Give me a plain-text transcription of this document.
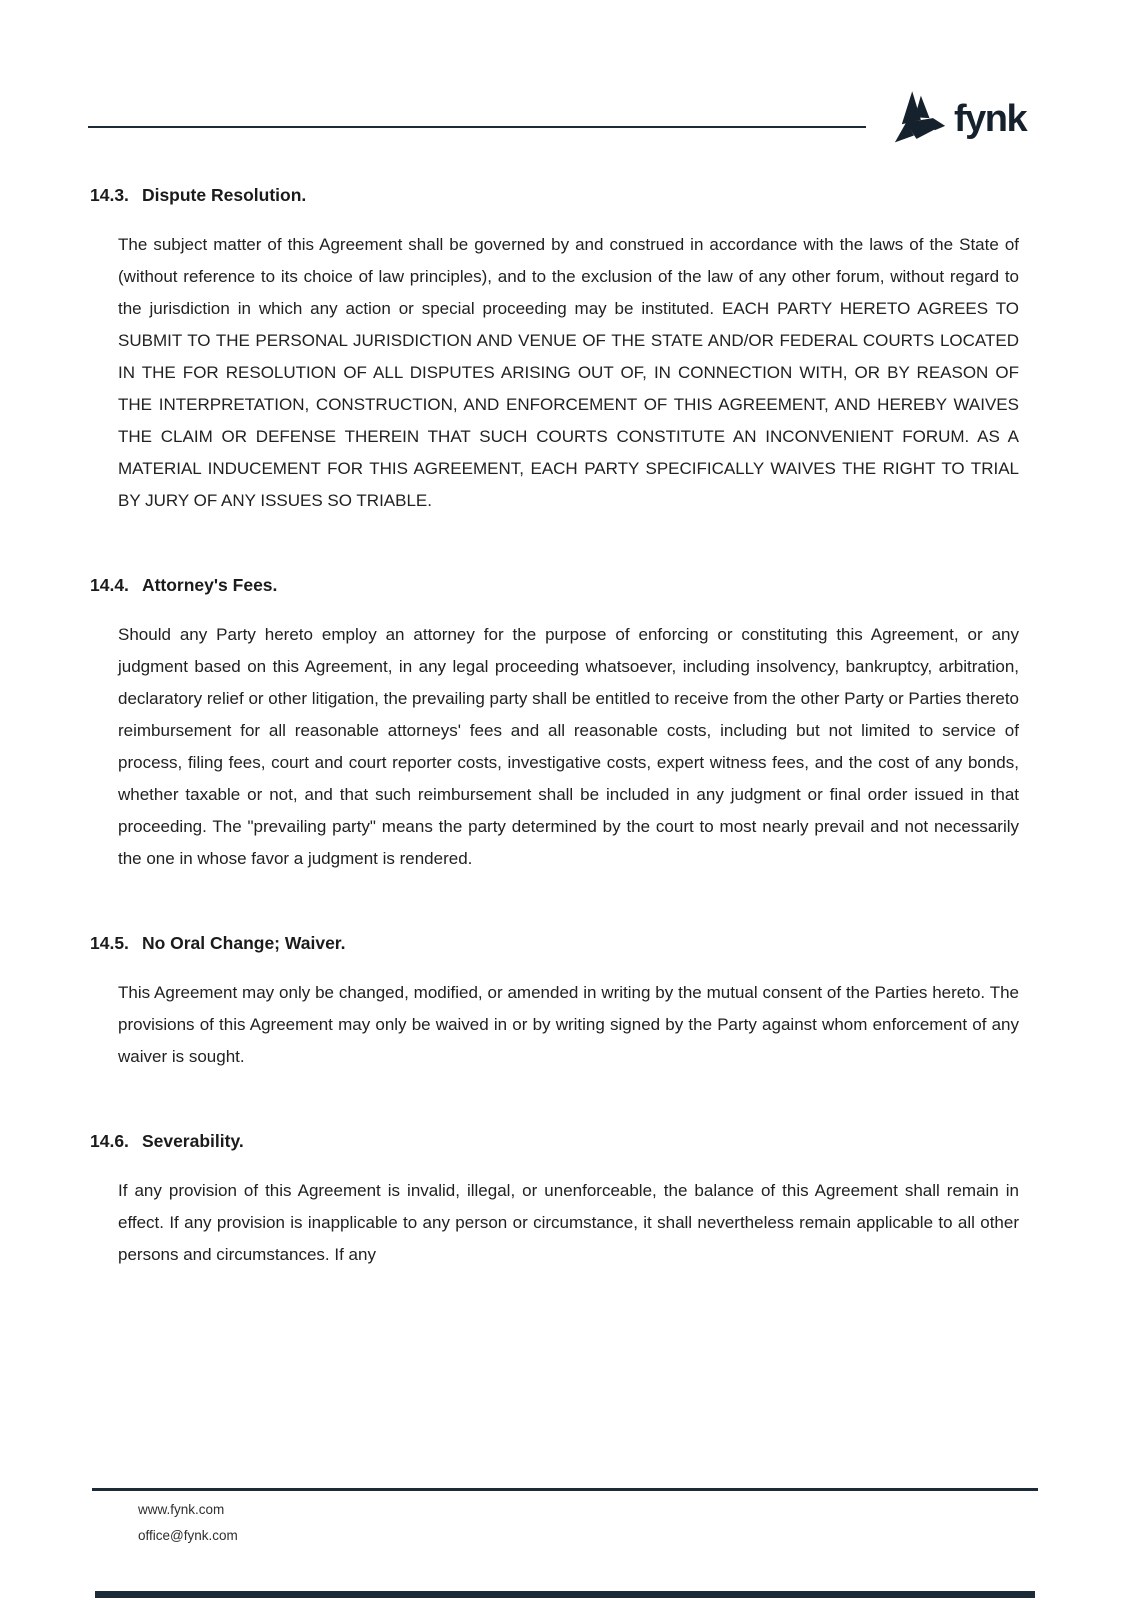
fynk
14.3. Dispute Resolution.

The subject matter of this Agreement shall be governed by and construed in accordance with the laws of the State of (without reference to its choice of law principles), and to the exclusion of the law of any other forum, without regard to the jurisdiction in which any action or special proceeding may be instituted. EACH PARTY HERETO AGREES TO SUBMIT TO THE PERSONAL JURISDICTION AND VENUE OF THE STATE AND/OR FEDERAL COURTS LOCATED IN THE FOR RESOLUTION OF ALL DISPUTES ARISING OUT OF, IN CONNECTION WITH, OR BY REASON OF THE INTERPRETATION, CONSTRUCTION, AND ENFORCEMENT OF THIS AGREEMENT, AND HEREBY WAIVES THE CLAIM OR DEFENSE THEREIN THAT SUCH COURTS CONSTITUTE AN INCONVENIENT FORUM. AS A MATERIAL INDUCEMENT FOR THIS AGREEMENT, EACH PARTY SPECIFICALLY WAIVES THE RIGHT TO TRIAL BY JURY OF ANY ISSUES SO TRIABLE.

14.4. Attorney's Fees.

Should any Party hereto employ an attorney for the purpose of enforcing or constituting this Agreement, or any judgment based on this Agreement, in any legal proceeding whatsoever, including insolvency, bankruptcy, arbitration, declaratory relief or other litigation, the prevailing party shall be entitled to receive from the other Party or Parties thereto reimbursement for all reasonable attorneys' fees and all reasonable costs, including but not limited to service of process, filing fees, court and court reporter costs, investigative costs, expert witness fees, and the cost of any bonds, whether taxable or not, and that such reimbursement shall be included in any judgment or final order issued in that proceeding. The "prevailing party" means the party determined by the court to most nearly prevail and not necessarily the one in whose favor a judgment is rendered.

14.5. No Oral Change; Waiver.

This Agreement may only be changed, modified, or amended in writing by the mutual consent of the Parties hereto. The provisions of this Agreement may only be waived in or by writing signed by the Party against whom enforcement of any waiver is sought.

14.6. Severability.

If any provision of this Agreement is invalid, illegal, or unenforceable, the balance of this Agreement shall remain in effect. If any provision is inapplicable to any person or circumstance, it shall nevertheless remain applicable to all other persons and circumstances. If any

www.fynk.com
office@fynk.com
